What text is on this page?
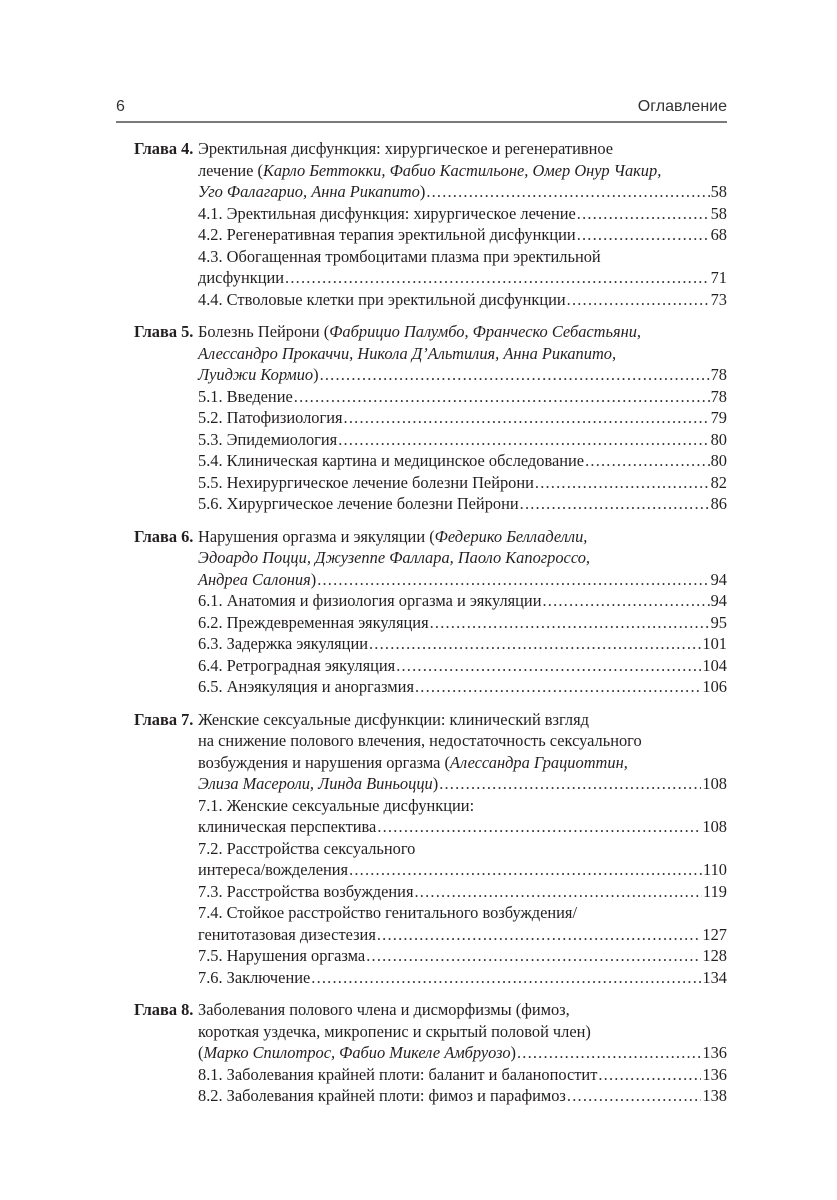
6	Оглавление
Глава 4. Эректильная дисфункция: хирургическое и регенеративное
лечение (Карло Беттокки, Фабио Кастильоне, Омер Онур Чакир,
Уго Фалагарио, Анна Рикапито) .....	58
4.1. Эректильная дисфункция: хирургическое лечение .....	58
4.2. Регенеративная терапия эректильной дисфункции .....	68
4.3. Обогащенная тромбоцитами плазма при эректильной
дисфункции .....	71
4.4. Стволовые клетки при эректильной дисфункции .....	73
Глава 5. Болезнь Пейрони (Фабрицио Палумбо, Франческо Себастьяни,
Алессандро Прокаччи, Никола Д’Альтилия, Анна Рикапито,
Луиджи Кормио) .....	78
5.1. Введение .....	78
5.2. Патофизиология .....	79
5.3. Эпидемиология .....	80
5.4. Клиническая картина и медицинское обследование .....	80
5.5. Нехирургическое лечение болезни Пейрони .....	82
5.6. Хирургическое лечение болезни Пейрони .....	86
Глава 6. Нарушения оргазма и эякуляции (Федерико Белладелли,
Эдоардо Поцци, Джузеппе Фаллара, Паоло Капогроссо,
Андреа Салония) .....	94
6.1. Анатомия и физиология оргазма и эякуляции .....	94
6.2. Преждевременная эякуляция .....	95
6.3. Задержка эякуляции .....	101
6.4. Ретроградная эякуляция .....	104
6.5. Анэякуляция и аноргазмия .....	106
Глава 7. Женские сексуальные дисфункции: клинический взгляд
на снижение полового влечения, недостаточность сексуального
возбуждения и нарушения оргазма (Алессандра Грациоттин,
Элиза Масероли, Линда Виньоцци) .....	108
7.1. Женские сексуальные дисфункции:
клиническая перспектива .....	108
7.2. Расстройства сексуального
интереса/вожделения .....	110
7.3. Расстройства возбуждения .....	119
7.4. Стойкое расстройство генитального возбуждения/
генитотазовая дизестезия .....	127
7.5. Нарушения оргазма .....	128
7.6. Заключение .....	134
Глава 8. Заболевания полового члена и дисморфизмы (фимоз,
короткая уздечка, микропенис и скрытый половой член)
(Марко Спилотрос, Фабио Микеле Амбруозо) .....	136
8.1. Заболевания крайней плоти: баланит и баланопостит .....	136
8.2. Заболевания крайней плоти: фимоз и парафимоз .....	138
